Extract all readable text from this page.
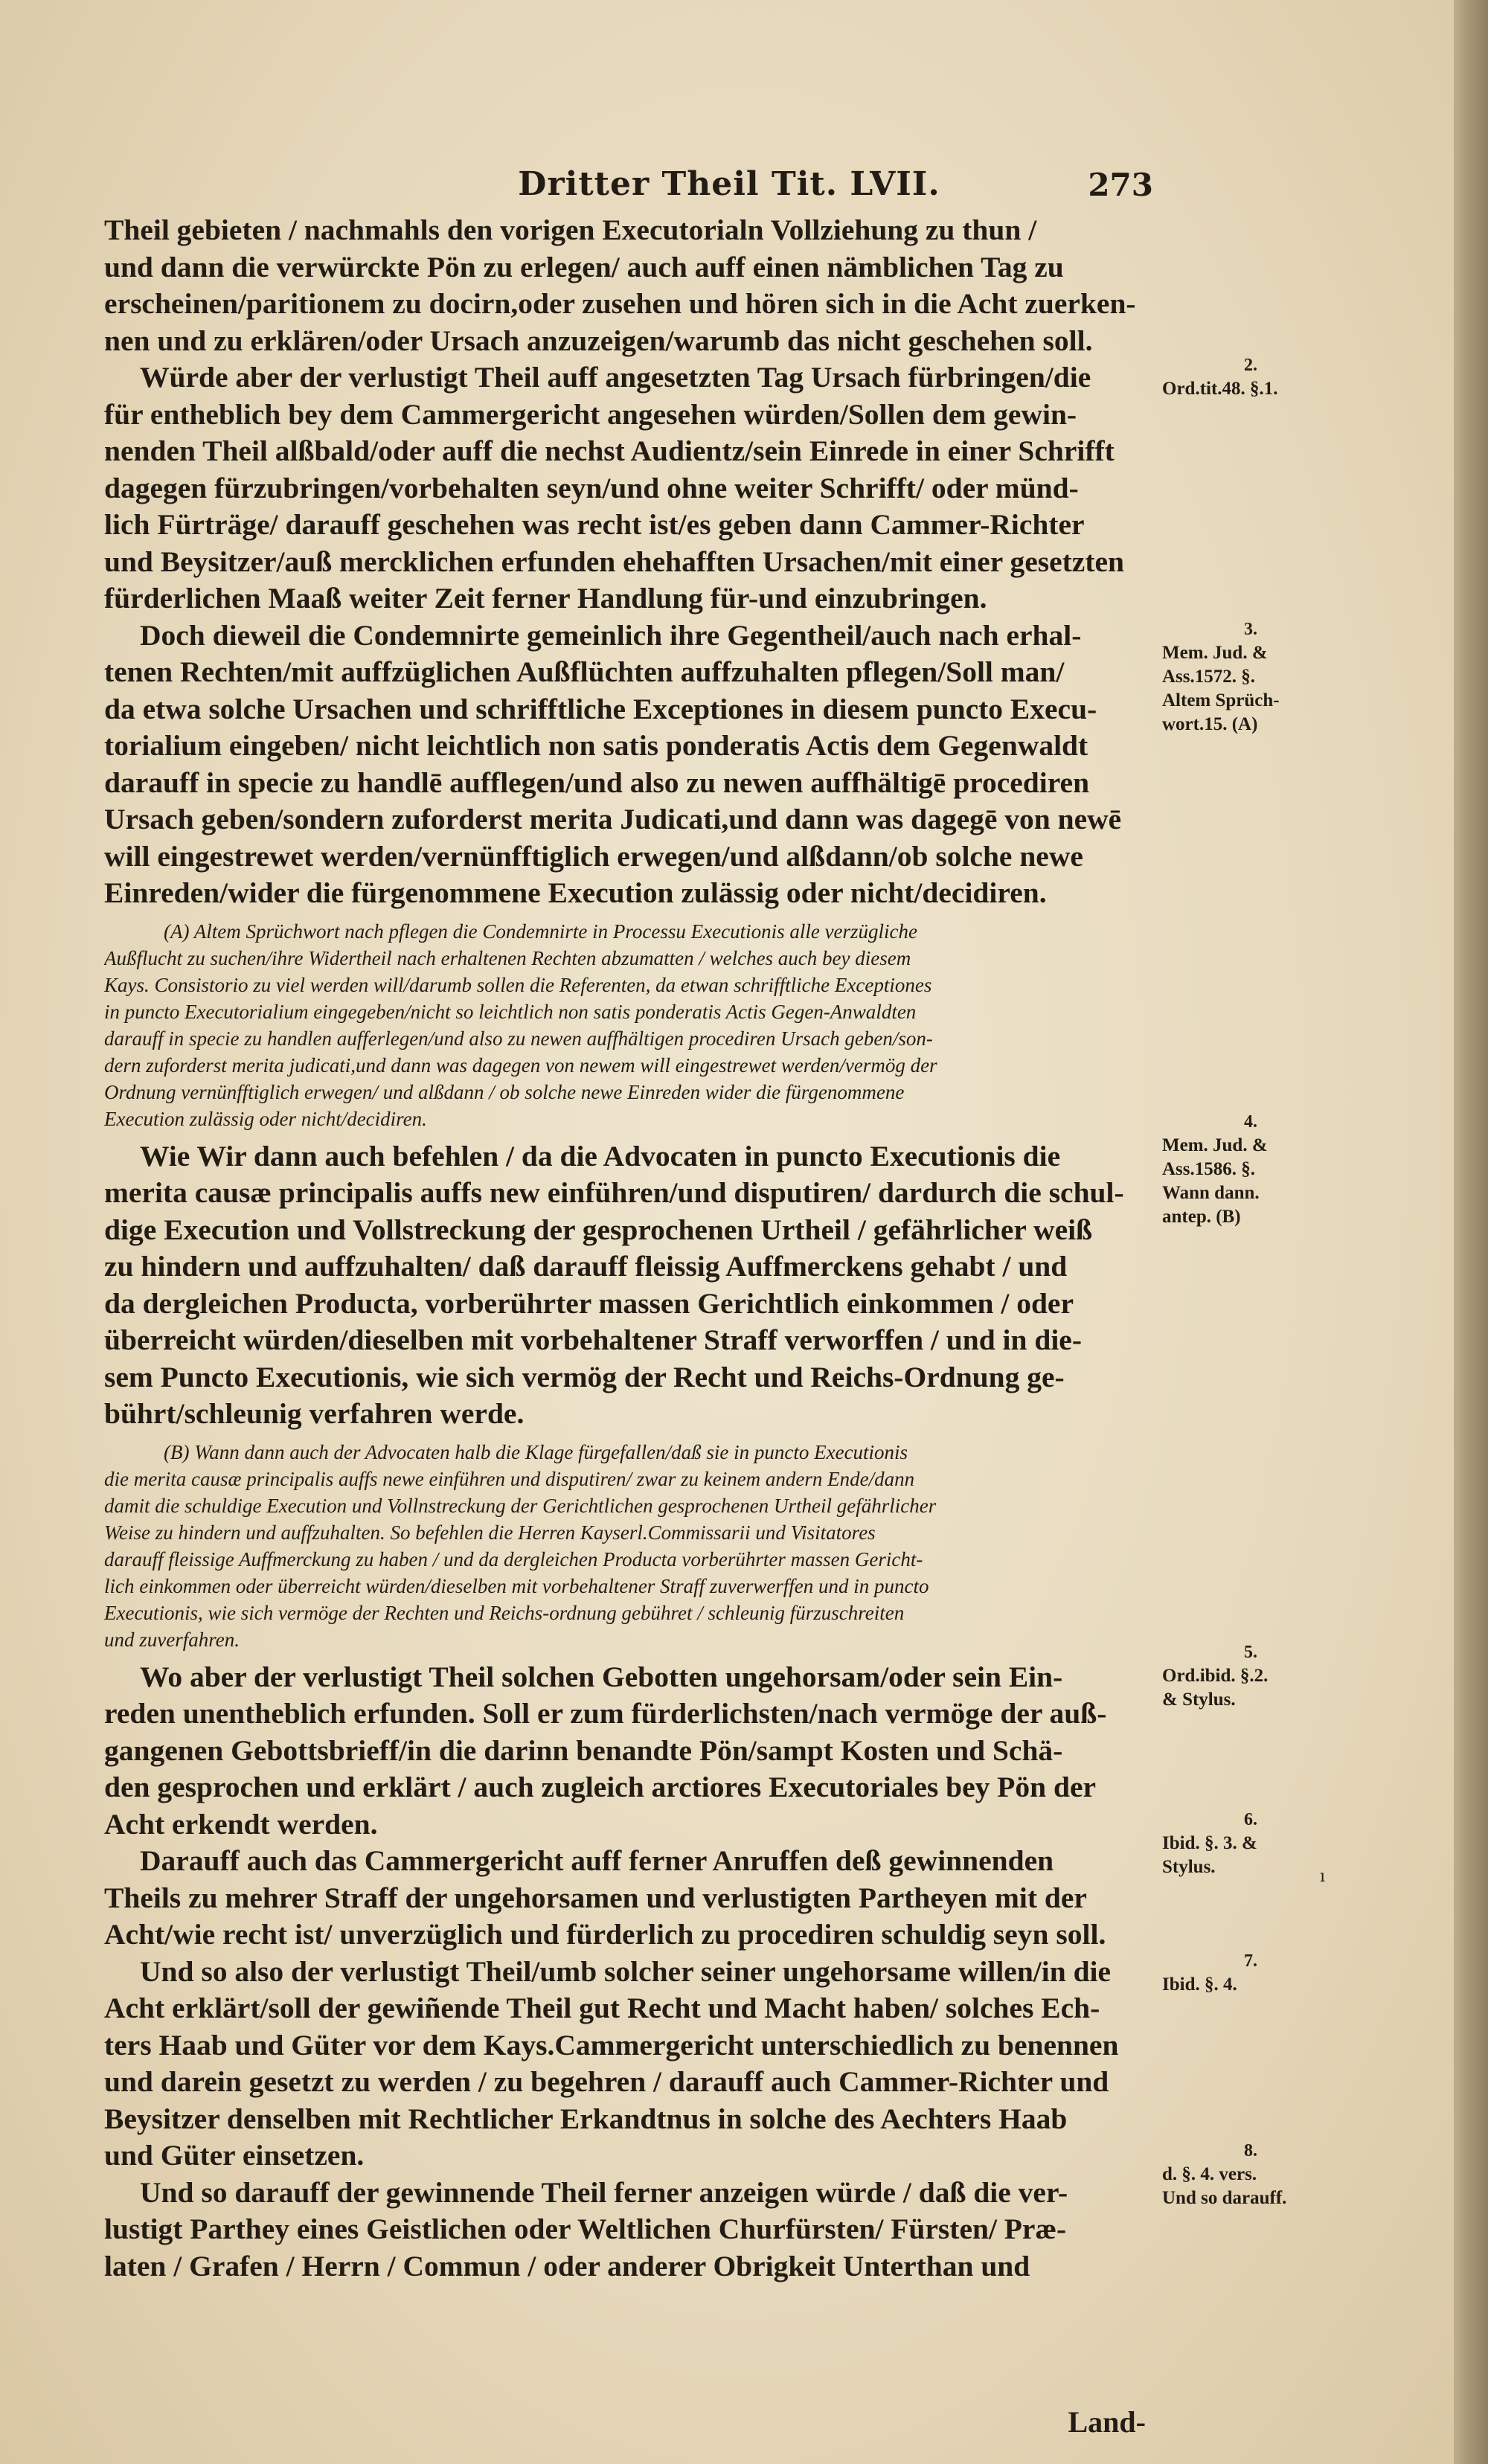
Dritter Theil Tit. LVII.	273
Theil gebieten / nachmahls den vorigen Executorialn Vollziehung zu thun /
und dann die verwürckte Pön zu erlegen/ auch auff einen nämblichen Tag zu
erscheinen/paritionem zu docirn,oder zusehen und hören sich in die Acht zuerken-
nen und zu erklären/oder Ursach anzuzeigen/warumb das nicht geschehen soll.
Würde aber der verlustigt Theil auff angesetzten Tag Ursach fürbringen/die
für entheblich bey dem Cammergericht angesehen würden/Sollen dem gewin-
nenden Theil alßbald/oder auff die nechst Audientz/sein Einrede in einer Schrifft
dagegen fürzubringen/vorbehalten seyn/und ohne weiter Schrifft/ oder münd-
lich Fürträge/ darauff geschehen was recht ist/es geben dann Cammer-Richter
und Beysitzer/auß mercklichen erfunden ehehafften Ursachen/mit einer gesetzten
fürderlichen Maaß weiter Zeit ferner Handlung für-und einzubringen.
Doch dieweil die Condemnirte gemeinlich ihre Gegentheil/auch nach erhal-
tenen Rechten/mit auffzüglichen Außflüchten auffzuhalten pflegen/Soll man/
da etwa solche Ursachen und schrifftliche Exceptiones in diesem puncto Execu-
torialium eingeben/ nicht leichtlich non satis ponderatis Actis dem Gegenwaldt
darauff in specie zu handlē aufflegen/und also zu newen auffhältigē procediren
Ursach geben/sondern zuforderst merita Judicati,und dann was dagegē von newē
will eingestrewet werden/vernünfftiglich erwegen/und alßdann/ob solche newe
Einreden/wider die fürgenommene Execution zulässig oder nicht/decidiren.
(A) Altem Sprüchwort nach pflegen die Condemnirte in Processu Executionis alle verzügliche
Außflucht zu suchen/ihre Widertheil nach erhaltenen Rechten abzumatten / welches auch bey diesem
Kays. Consistorio zu viel werden will/darumb sollen die Referenten, da etwan schrifftliche Exceptiones
in puncto Executorialium eingegeben/nicht so leichtlich non satis ponderatis Actis Gegen-Anwaldten
darauff in specie zu handlen aufferlegen/und also zu newen auffhältigen procediren Ursach geben/son-
dern zuforderst merita judicati,und dann was dagegen von newem will eingestrewet werden/vermög der
Ordnung vernünfftiglich erwegen/ und alßdann / ob solche newe Einreden wider die fürgenommene
Execution zulässig oder nicht/decidiren.
Wie Wir dann auch befehlen / da die Advocaten in puncto Executionis die
merita causæ principalis auffs new einführen/und disputiren/ dardurch die schul-
dige Execution und Vollstreckung der gesprochenen Urtheil / gefährlicher weiß
zu hindern und auffzuhalten/ daß darauff fleissig Auffmerckens gehabt / und
da dergleichen Producta, vorberührter massen Gerichtlich einkommen / oder
überreicht würden/dieselben mit vorbehaltener Straff verworffen / und in die-
sem Puncto Executionis, wie sich vermög der Recht und Reichs-Ordnung ge-
bührt/schleunig verfahren werde.
(B) Wann dann auch der Advocaten halb die Klage fürgefallen/daß sie in puncto Executionis
die merita causæ principalis auffs newe einführen und disputiren/ zwar zu keinem andern Ende/dann
damit die schuldige Execution und Vollnstreckung der Gerichtlichen gesprochenen Urtheil gefährlicher
Weise zu hindern und auffzuhalten. So befehlen die Herren Kayserl.Commissarii und Visitatores
darauff fleissige Auffmerckung zu haben / und da dergleichen Producta vorberührter massen Gericht-
lich einkommen oder überreicht würden/dieselben mit vorbehaltener Straff zuverwerffen und in puncto
Executionis, wie sich vermöge der Rechten und Reichs-ordnung gebühret / schleunig fürzuschreiten
und zuverfahren.
Wo aber der verlustigt Theil solchen Gebotten ungehorsam/oder sein Ein-
reden unentheblich erfunden. Soll er zum fürderlichsten/nach vermöge der auß-
gangenen Gebottsbrieff/in die darinn benandte Pön/sampt Kosten und Schä-
den gesprochen und erklärt / auch zugleich arctiores Executoriales bey Pön der
Acht erkendt werden.
Darauff auch das Cammergericht auff ferner Anruffen deß gewinnenden
Theils zu mehrer Straff der ungehorsamen und verlustigten Partheyen mit der
Acht/wie recht ist/ unverzüglich und fürderlich zu procediren schuldig seyn soll.
Und so also der verlustigt Theil/umb solcher seiner ungehorsame willen/in die
Acht erklärt/soll der gewiñende Theil gut Recht und Macht haben/ solches Ech-
ters Haab und Güter vor dem Kays.Cammergericht unterschiedlich zu benennen
und darein gesetzt zu werden / zu begehren / darauff auch Cammer-Richter und
Beysitzer denselben mit Rechtlicher Erkandtnus in solche des Aechters Haab
und Güter einsetzen.
Und so darauff der gewinnende Theil ferner anzeigen würde / daß die ver-
lustigt Parthey eines Geistlichen oder Weltlichen Churfürsten/ Fürsten/ Præ-
laten / Grafen / Herrn / Commun / oder anderer Obrigkeit Unterthan und
2.
Ord.tit.48. §.1.
3.
Mem. Jud. &
Ass.1572. §.
Altem Sprüch-
wort.15. (A)
4.
Mem. Jud. &
Ass.1586. §.
Wann dann.
antep. (B)
5.
Ord.ibid. §.2.
& Stylus.
6.
Ibid. §. 3. &
Stylus.
7.
Ibid. §. 4.
8.
d. §. 4. vers.
Und so darauff.
ı
Land-
